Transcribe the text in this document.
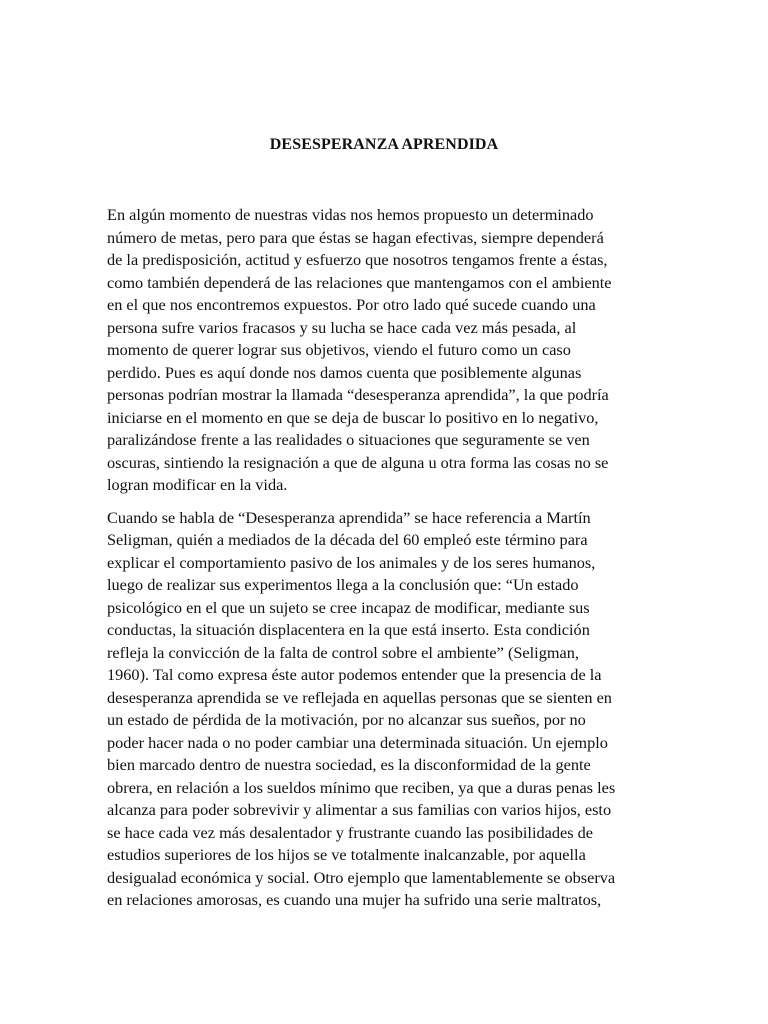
DESESPERANZA APRENDIDA

En algún momento de nuestras vidas nos hemos propuesto un determinado
número de metas, pero para que éstas se hagan efectivas, siempre dependerá
de la predisposición, actitud y esfuerzo que nosotros tengamos frente a éstas,
como también dependerá de las relaciones que mantengamos con el ambiente
en el que nos encontremos expuestos. Por otro lado qué sucede cuando una
persona sufre varios fracasos y su lucha se hace cada vez más pesada, al
momento de querer lograr sus objetivos, viendo el futuro como un caso
perdido. Pues es aquí donde nos damos cuenta que posiblemente algunas
personas podrían mostrar la llamada “desesperanza aprendida”, la que podría
iniciarse en el momento en que se deja de buscar lo positivo en lo negativo,
paralizándose frente a las realidades o situaciones que seguramente se ven
oscuras, sintiendo la resignación a que de alguna u otra forma las cosas no se
logran modificar en la vida.

Cuando se habla de “Desesperanza aprendida” se hace referencia a Martín
Seligman, quién a mediados de la década del 60 empleó este término para
explicar el comportamiento pasivo de los animales y de los seres humanos,
luego de realizar sus experimentos llega a la conclusión que: “Un estado
psicológico en el que un sujeto se cree incapaz de modificar, mediante sus
conductas, la situación displacentera en la que está inserto. Esta condición
refleja la convicción de la falta de control sobre el ambiente” (Seligman,
1960). Tal como expresa éste autor podemos entender que la presencia de la
desesperanza aprendida se ve reflejada en aquellas personas que se sienten en
un estado de pérdida de la motivación, por no alcanzar sus sueños, por no
poder hacer nada o no poder cambiar una determinada situación. Un ejemplo
bien marcado dentro de nuestra sociedad, es la disconformidad de la gente
obrera, en relación a los sueldos mínimo que reciben, ya que a duras penas les
alcanza para poder sobrevivir y alimentar a sus familias con varios hijos, esto
se hace cada vez más desalentador y frustrante cuando las posibilidades de
estudios superiores de los hijos se ve totalmente inalcanzable, por aquella
desigualad económica y social. Otro ejemplo que lamentablemente se observa
en relaciones amorosas, es cuando una mujer ha sufrido una serie maltratos,
